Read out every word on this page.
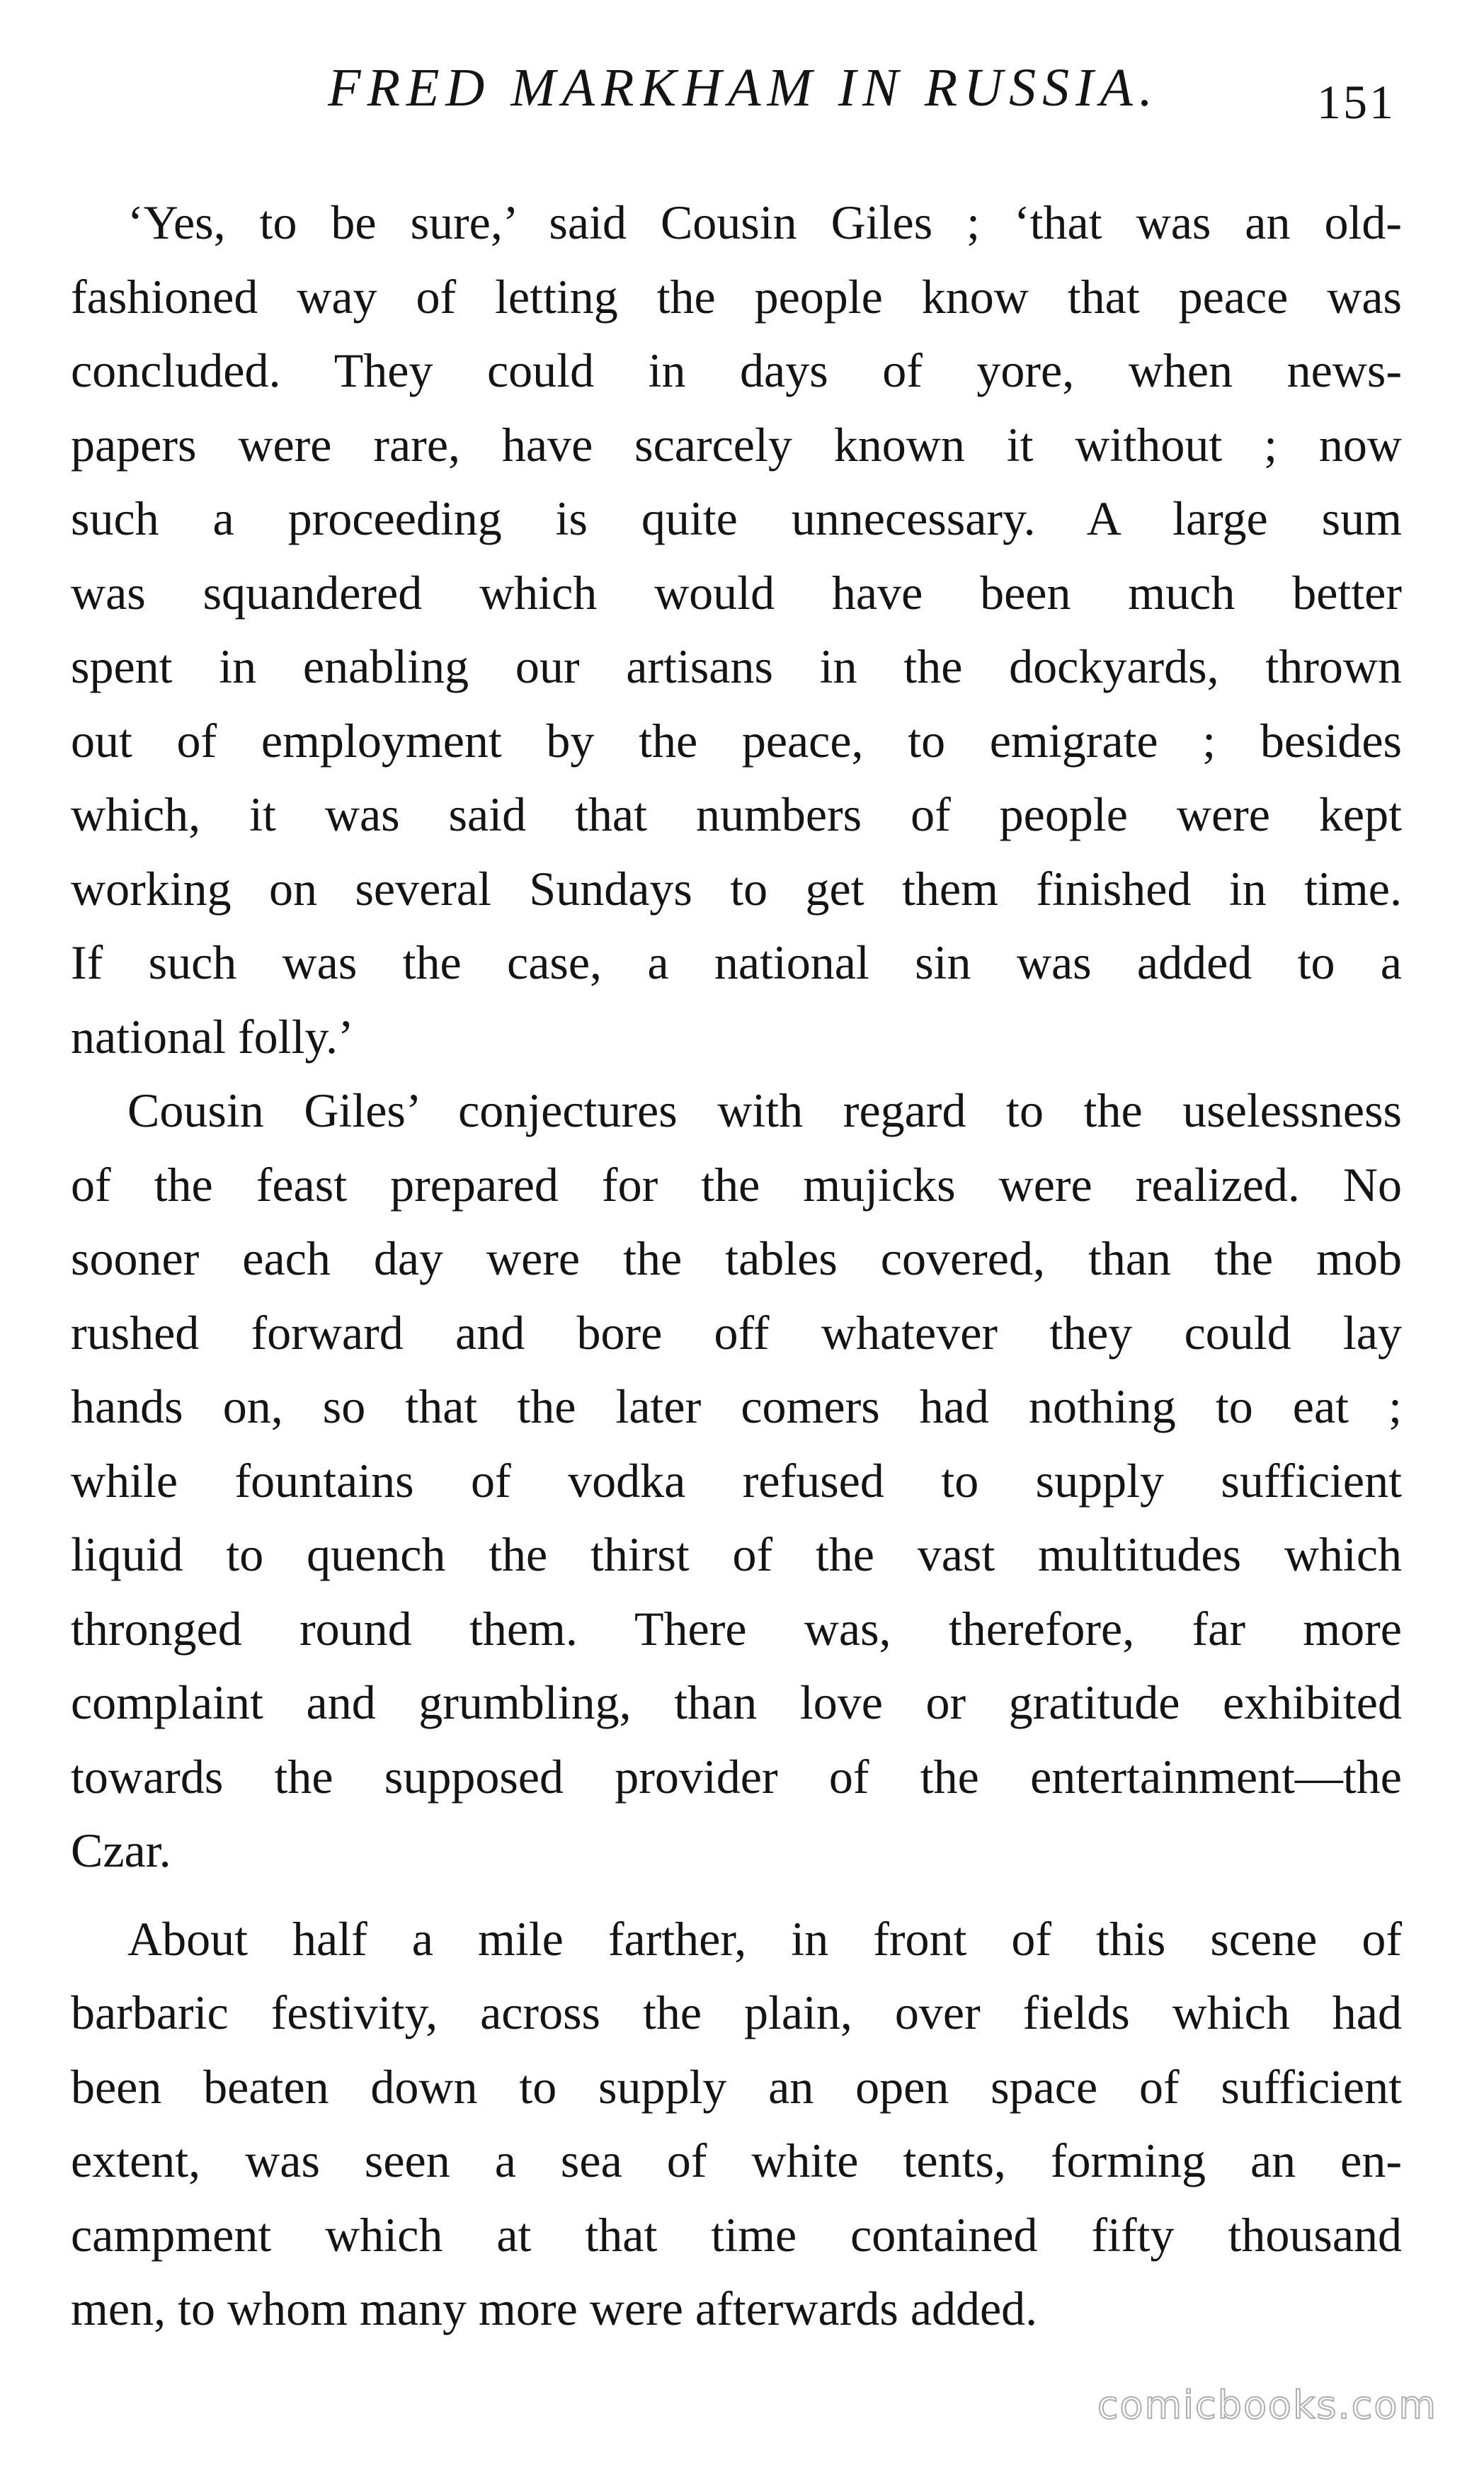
FRED MARKHAM IN RUSSIA.	151
‘Yes, to be sure,’ said Cousin Giles ; ‘that was an old-
fashioned way of letting the people know that peace was
concluded. They could in days of yore, when news-
papers were rare, have scarcely known it without ; now
such a proceeding is quite unnecessary. A large sum
was squandered which would have been much better
spent in enabling our artisans in the dockyards, thrown
out of employment by the peace, to emigrate ; besides
which, it was said that numbers of people were kept
working on several Sundays to get them finished in time.
If such was the case, a national sin was added to a
national folly.’
Cousin Giles’ conjectures with regard to the uselessness
of the feast prepared for the mujicks were realized. No
sooner each day were the tables covered, than the mob
rushed forward and bore off whatever they could lay
hands on, so that the later comers had nothing to eat ;
while fountains of vodka refused to supply sufficient
liquid to quench the thirst of the vast multitudes which
thronged round them. There was, therefore, far more
complaint and grumbling, than love or gratitude exhibited
towards the supposed provider of the entertainment—the
Czar.
About half a mile farther, in front of this scene of
barbaric festivity, across the plain, over fields which had
been beaten down to supply an open space of sufficient
extent, was seen a sea of white tents, forming an en-
campment which at that time contained fifty thousand
men, to whom many more were afterwards added.
comicbooks.com
